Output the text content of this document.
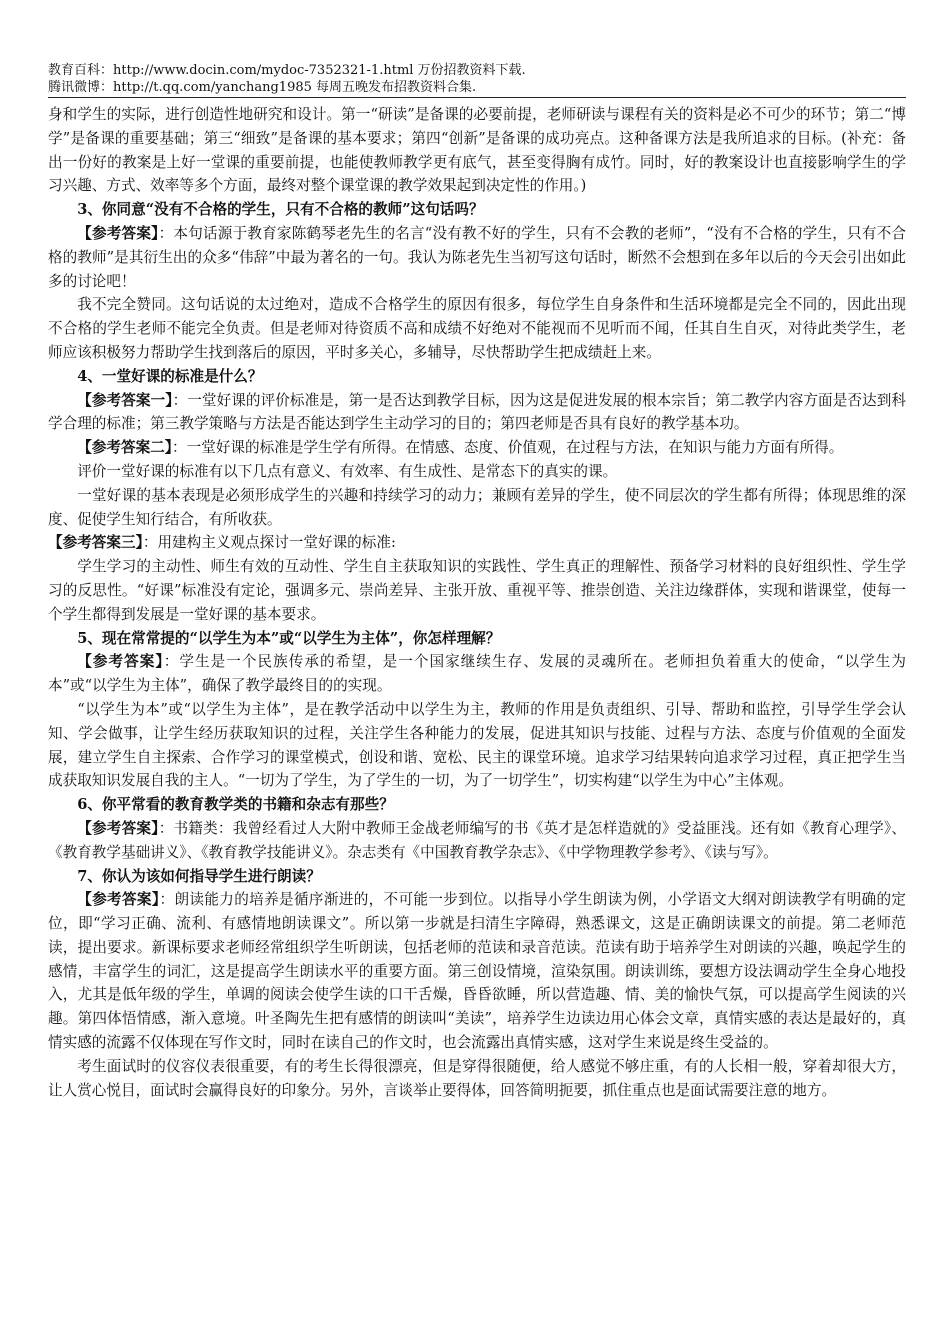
教育百科：http://www.docin.com/mydoc-7352321-1.html 万份招教资料下载.
腾讯微博：http://t.qq.com/yanchang1985 每周五晚发布招教资料合集.

身和学生的实际，进行创造性地研究和设计。第一“研读”是备课的必要前提，老师研读与课程有关的资料是必不可少的环节；第二“博学”是备课的重要基础；第三“细致”是备课的基本要求；第四“创新”是备课的成功亮点。这种备课方法是我所追求的目标。(补充：备出一份好的教案是上好一堂课的重要前提，也能使教师教学更有底气，甚至变得胸有成竹。同时，好的教案设计也直接影响学生的学习兴趣、方式、效率等多个方面，最终对整个课堂课的教学效果起到决定性的作用。)

3、你同意“没有不合格的学生，只有不合格的教师”这句话吗？

【参考答案】：本句话源于教育家陈鹤琴老先生的名言“没有教不好的学生，只有不会教的老师”，“没有不合格的学生，只有不合格的教师”是其衍生出的众多“伟辞”中最为著名的一句。我认为陈老先生当初写这句话时，断然不会想到在多年以后的今天会引出如此多的讨论吧！

我不完全赞同。这句话说的太过绝对，造成不合格学生的原因有很多，每位学生自身条件和生活环境都是完全不同的，因此出现不合格的学生老师不能完全负责。但是老师对待资质不高和成绩不好绝对不能视而不见听而不闻，任其自生自灭，对待此类学生，老师应该积极努力帮助学生找到落后的原因，平时多关心，多辅导，尽快帮助学生把成绩赶上来。

4、一堂好课的标准是什么？

【参考答案一】：一堂好课的评价标准是，第一是否达到教学目标，因为这是促进发展的根本宗旨；第二教学内容方面是否达到科学合理的标准；第三教学策略与方法是否能达到学生主动学习的目的；第四老师是否具有良好的教学基本功。

【参考答案二】：一堂好课的标准是学生学有所得。在情感、态度、价值观，在过程与方法，在知识与能力方面有所得。

评价一堂好课的标准有以下几点有意义、有效率、有生成性、是常态下的真实的课。

一堂好课的基本表现是必须形成学生的兴趣和持续学习的动力；兼顾有差异的学生，使不同层次的学生都有所得；体现思维的深度、促使学生知行结合，有所收获。

【参考答案三】：用建构主义观点探讨一堂好课的标准:

学生学习的主动性、师生有效的互动性、学生自主获取知识的实践性、学生真正的理解性、预备学习材料的良好组织性、学生学习的反思性。“好课”标准没有定论，强调多元、崇尚差异、主张开放、重视平等、推崇创造、关注边缘群体，实现和谐课堂，使每一个学生都得到发展是一堂好课的基本要求。

5、现在常常提的“以学生为本”或“以学生为主体”，你怎样理解？

【参考答案】：学生是一个民族传承的希望，是一个国家继续生存、发展的灵魂所在。老师担负着重大的使命，“以学生为本”或“以学生为主体”，确保了教学最终目的的实现。

“以学生为本”或“以学生为主体”，是在教学活动中以学生为主，教师的作用是负责组织、引导、帮助和监控，引导学生学会认知、学会做事，让学生经历获取知识的过程，关注学生各种能力的发展，促进其知识与技能、过程与方法、态度与价值观的全面发展，建立学生自主探索、合作学习的课堂模式，创设和谐、宽松、民主的课堂环境。追求学习结果转向追求学习过程，真正把学生当成获取知识发展自我的主人。“一切为了学生，为了学生的一切，为了一切学生”，切实构建“以学生为中心”主体观。

6、你平常看的教育教学类的书籍和杂志有那些？

【参考答案】：书籍类：我曾经看过人大附中教师王金战老师编写的书《英才是怎样造就的》受益匪浅。还有如《教育心理学》、《教育教学基础讲义》、《教育教学技能讲义》。杂志类有《中国教育教学杂志》、《中学物理教学参考》、《读与写》。

7、你认为该如何指导学生进行朗读？

【参考答案】：朗读能力的培养是循序渐进的，不可能一步到位。以指导小学生朗读为例，小学语文大纲对朗读教学有明确的定位，即“学习正确、流利、有感情地朗读课文”。所以第一步就是扫清生字障碍，熟悉课文，这是正确朗读课文的前提。第二老师范读，提出要求。新课标要求老师经常组织学生听朗读，包括老师的范读和录音范读。范读有助于培养学生对朗读的兴趣，唤起学生的感情，丰富学生的词汇，这是提高学生朗读水平的重要方面。第三创设情境，渲染氛围。朗读训练，要想方设法调动学生全身心地投入，尤其是低年级的学生，单调的阅读会使学生读的口干舌燥，昏昏欲睡，所以营造趣、情、美的愉快气氛，可以提高学生阅读的兴趣。第四体悟情感，渐入意境。叶圣陶先生把有感情的朗读叫“美读”，培养学生边读边用心体会文章，真情实感的表达是最好的，真情实感的流露不仅体现在写作文时，同时在读自己的作文时，也会流露出真情实感，这对学生来说是终生受益的。

考生面试时的仪容仪表很重要，有的考生长得很漂亮，但是穿得很随便，给人感觉不够庄重，有的人长相一般，穿着却很大方，让人赏心悦目，面试时会赢得良好的印象分。另外，言谈举止要得体，回答简明扼要，抓住重点也是面试需要注意的地方。
